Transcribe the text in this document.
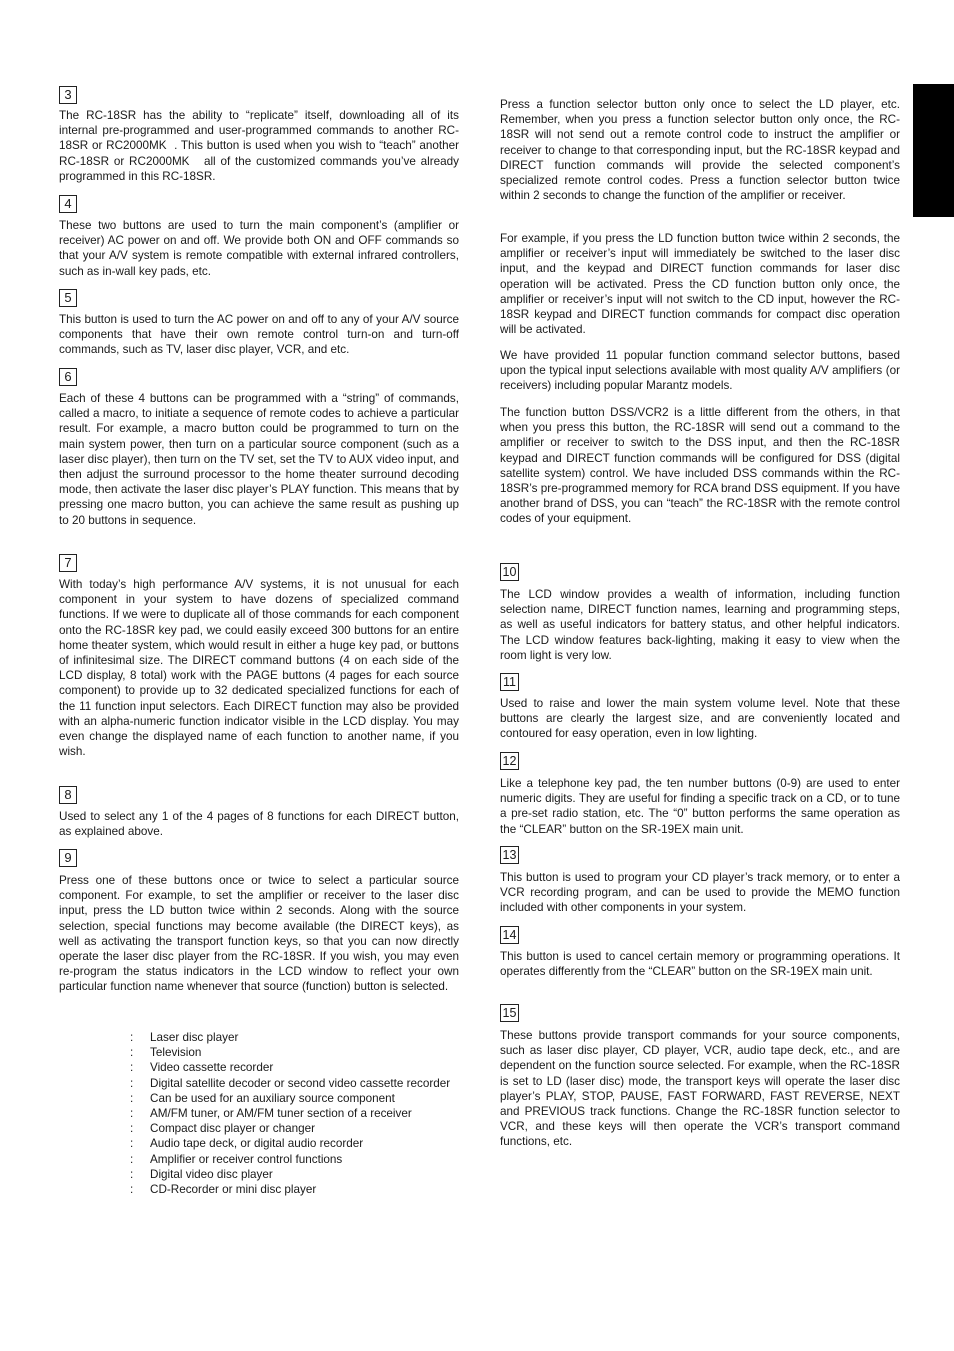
3

The RC-18SR has the ability to “replicate” itself, downloading all of its internal pre-programmed and user-programmed commands to another RC-18SR or RC2000MK  . This button is used when you wish to “teach” another RC-18SR or RC2000MK   all of the customized commands you’ve already programmed in this RC-18SR.

4

These two buttons are used to turn the main component’s (amplifier or receiver) AC power on and off. We provide both ON and OFF commands so that your A/V system is remote compatible with external infrared controllers, such as in-wall key pads, etc.

5

This button is used to turn the AC power on and off to any of your A/V source components that have their own remote control turn-on and turn-off commands, such as TV, laser disc player, VCR, and etc.

6

Each of these 4 buttons can be programmed with a “string” of commands, called a macro, to initiate a sequence of remote codes to achieve a particular result. For example, a macro button could be programmed to turn on the main system power, then turn on a particular source component (such as a laser disc player), then turn on the TV set, set the TV to AUX video input, and then adjust the surround processor to the home theater surround decoding mode, then activate the laser disc player’s PLAY function. This means that by pressing one macro button, you can achieve the same result as pushing up to 20 buttons in sequence.

7

With today’s high performance A/V systems, it is not unusual for each component in your system to have dozens of specialized command functions. If we were to duplicate all of those commands for each component onto the RC-18SR key pad, we could easily exceed 300 buttons for an entire home theater system, which would result in either a huge key pad, or buttons of infinitesimal size. The DIRECT command buttons (4 on each side of the LCD display, 8 total) work with the PAGE buttons (4 pages for each source component) to provide up to 32 dedicated specialized functions for each of the 11 function input selectors. Each DIRECT function may also be provided with an alpha-numeric function indicator visible in the LCD display. You may even change the displayed name of each function to another name, if you wish.

8

Used to select any 1 of the 4 pages of 8 functions for each DIRECT button, as explained above.

9

Press one of these buttons once or twice to select a particular source component. For example, to set the amplifier or receiver to the laser disc input, press the LD button twice within 2 seconds. Along with the source selection, special functions may become available (the DIRECT keys), as well as activating the transport function keys, so that you can now directly operate the laser disc player from the RC-18SR. If you wish, you may even re-program the status indicators in the LCD window to reflect your own particular function name whenever that source (function) button is selected.

: Laser disc player
: Television
: Video cassette recorder
: Digital satellite decoder or second video cassette recorder
: Can be used for an auxiliary source component
: AM/FM tuner, or AM/FM tuner section of a receiver
: Compact disc player or changer
: Audio tape deck, or digital audio recorder
: Amplifier or receiver control functions
: Digital video disc player
: CD-Recorder or mini disc player

Press a function selector button only once to select the LD player, etc. Remember, when you press a function selector button only once, the RC-18SR will not send out a remote control code to instruct the amplifier or receiver to change to that corresponding input, but the RC-18SR keypad and DIRECT function commands will provide the selected component’s specialized remote control codes. Press a function selector button twice within 2 seconds to change the function of the amplifier or receiver.

For example, if you press the LD function button twice within 2 seconds, the amplifier or receiver’s input will immediately be switched to the laser disc input, and the keypad and DIRECT function commands for laser disc operation will be activated. Press the CD function button only once, the amplifier or receiver’s input will not switch to the CD input, however the RC-18SR keypad and DIRECT function commands for compact disc operation will be activated.

We have provided 11 popular function command selector buttons, based upon the typical input selections available with most quality A/V amplifiers (or receivers) including popular Marantz models.

The function button DSS/VCR2 is a little different from the others, in that when you press this button, the RC-18SR will send out a command to the amplifier or receiver to switch to the DSS input, and then the RC-18SR keypad and DIRECT function commands will be configured for DSS (digital satellite system) control. We have included DSS commands within the RC-18SR’s pre-programmed memory for RCA brand DSS equipment. If you have another brand of DSS, you can “teach” the RC-18SR with the remote control codes of your equipment.

10

The LCD window provides a wealth of information, including function selection name, DIRECT function names, learning and programming steps, as well as useful indicators for battery status, and other helpful indicators. The LCD window features back-lighting, making it easy to view when the room light is very low.

11

Used to raise and lower the main system volume level. Note that these buttons are clearly the largest size, and are conveniently located and contoured for easy operation, even in low lighting.

12

Like a telephone key pad, the ten number buttons (0-9) are used to enter numeric digits. They are useful for finding a specific track on a CD, or to tune a pre-set radio station, etc. The “0” button performs the same operation as the “CLEAR” button on the SR-19EX main unit.

13

This button is used to program your CD player’s track memory, or to enter a VCR recording program, and can be used to provide the MEMO function included with other components in your system.

14

This button is used to cancel certain memory or programming operations. It operates differently from the “CLEAR” button on the SR-19EX main unit.

15

These buttons provide transport commands for your source components, such as laser disc player, CD player, VCR, audio tape deck, etc., and are dependent on the function source selected. For example, when the RC-18SR is set to LD (laser disc) mode, the transport keys will operate the laser disc player’s PLAY, STOP, PAUSE, FAST FORWARD, FAST REVERSE, NEXT and PREVIOUS track functions. Change the RC-18SR function selector to VCR, and these keys will then operate the VCR’s transport command functions, etc.
